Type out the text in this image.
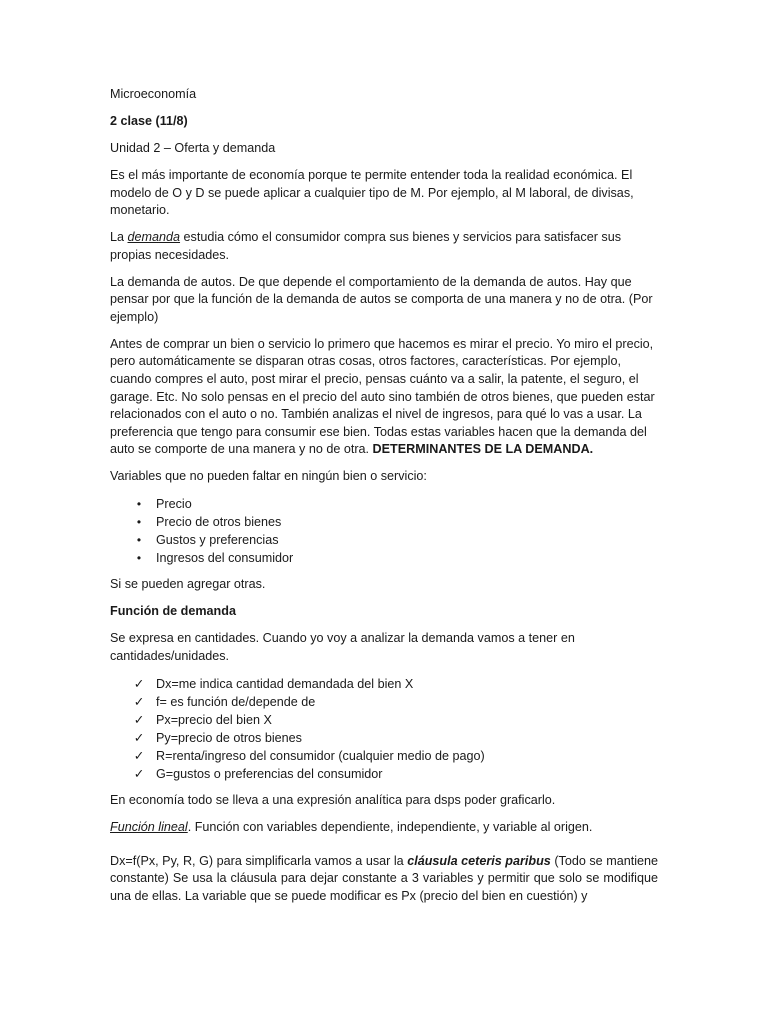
Microeconomía

2 clase (11/8)

Unidad 2 – Oferta y demanda

Es el más importante de economía porque te permite entender toda la realidad económica. El modelo de O y D se puede aplicar a cualquier tipo de M. Por ejemplo, al M laboral, de divisas, monetario.

La demanda estudia cómo el consumidor compra sus bienes y servicios para satisfacer sus propias necesidades.

La demanda de autos. De que depende el comportamiento de la demanda de autos. Hay que pensar por que la función de la demanda de autos se comporta de una manera y no de otra. (Por ejemplo)

Antes de comprar un bien o servicio lo primero que hacemos es mirar el precio. Yo miro el precio, pero automáticamente se disparan otras cosas, otros factores, características. Por ejemplo, cuando compres el auto, post mirar el precio, pensas cuánto va a salir, la patente, el seguro, el garage. Etc. No solo pensas en el precio del auto sino también de otros bienes, que pueden estar relacionados con el auto o no. También analizas el nivel de ingresos, para qué lo vas a usar. La preferencia que tengo para consumir ese bien. Todas estas variables hacen que la demanda del auto se comporte de una manera y no de otra. DETERMINANTES DE LA DEMANDA.

Variables que no pueden faltar en ningún bien o servicio:

•	Precio
•	Precio de otros bienes
•	Gustos y preferencias
•	Ingresos del consumidor

Si se pueden agregar otras.

Función de demanda

Se expresa en cantidades. Cuando yo voy a analizar la demanda vamos a tener en cantidades/unidades.

✓ Dx=me indica cantidad demandada del bien X
✓ f= es función de/depende de
✓ Px=precio del bien X
✓ Py=precio de otros bienes
✓ R=renta/ingreso del consumidor (cualquier medio de pago)
✓ G=gustos o preferencias del consumidor

En economía todo se lleva a una expresión analítica para dsps poder graficarlo.

Función lineal. Función con variables dependiente, independiente, y variable al origen.

Dx=f(Px, Py, R, G) para simplificarla vamos a usar la cláusula ceteris paribus (Todo se mantiene constante) Se usa la cláusula para dejar constante a 3 variables y permitir que solo se modifique una de ellas. La variable que se puede modificar es Px (precio del bien en cuestión) y
